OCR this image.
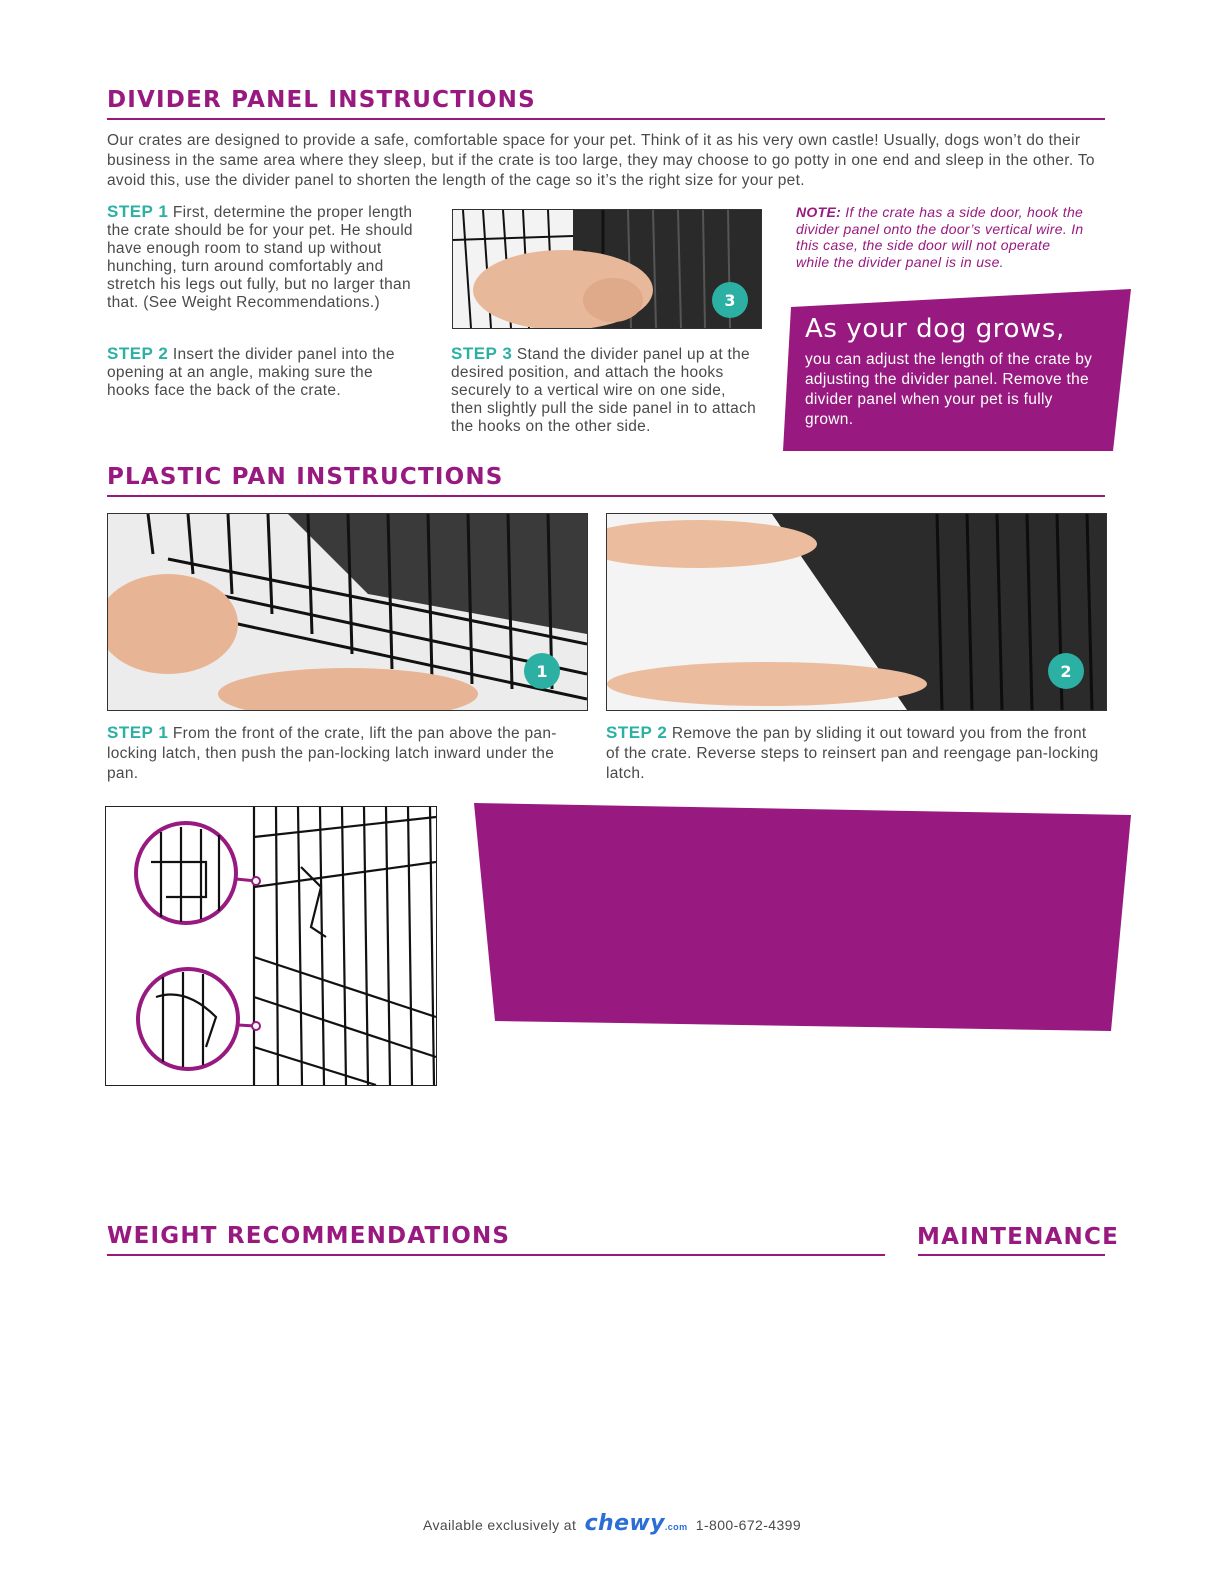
DIVIDER PANEL INSTRUCTIONS
Our crates are designed to provide a safe, comfortable space for your pet. Think of it as his very own castle! Usually, dogs won’t do their business in the same area where they sleep, but if the crate is too large, they may choose to go potty in one end and sleep in the other. To avoid this, use the divider panel to shorten the length of the cage so it’s the right size for your pet.
STEP 1 First, determine the proper length the crate should be for your pet. He should have enough room to stand up without hunching, turn around comfortably and stretch his legs out fully, but no larger than that. (See Weight Recommendations.)
STEP 2 Insert the divider panel into the opening at an angle, making sure the hooks face the back of the crate.
3
STEP 3 Stand the divider panel up at the desired position, and attach the hooks securely to a vertical wire on one side, then slightly pull the side panel in to attach the hooks on the other side.
NOTE: If the crate has a side door, hook the divider panel onto the door’s vertical wire. In this case, the side door will not operate while the divider panel is in use.
As your dog grows,
you can adjust the length of the crate by adjusting the divider panel. Remove the divider panel when your pet is fully grown.
PLASTIC PAN INSTRUCTIONS
1	2
STEP 1 From the front of the crate, lift the pan above the pan-locking latch, then push the pan-locking latch inward under the pan.
STEP 2 Remove the pan by sliding it out toward you from the front of the crate. Reverse steps to reinsert pan and reengage pan-locking latch.
WEIGHT RECOMMENDATIONS	MAINTENANCE
Available exclusively at chewy.com 1-800-672-4399
